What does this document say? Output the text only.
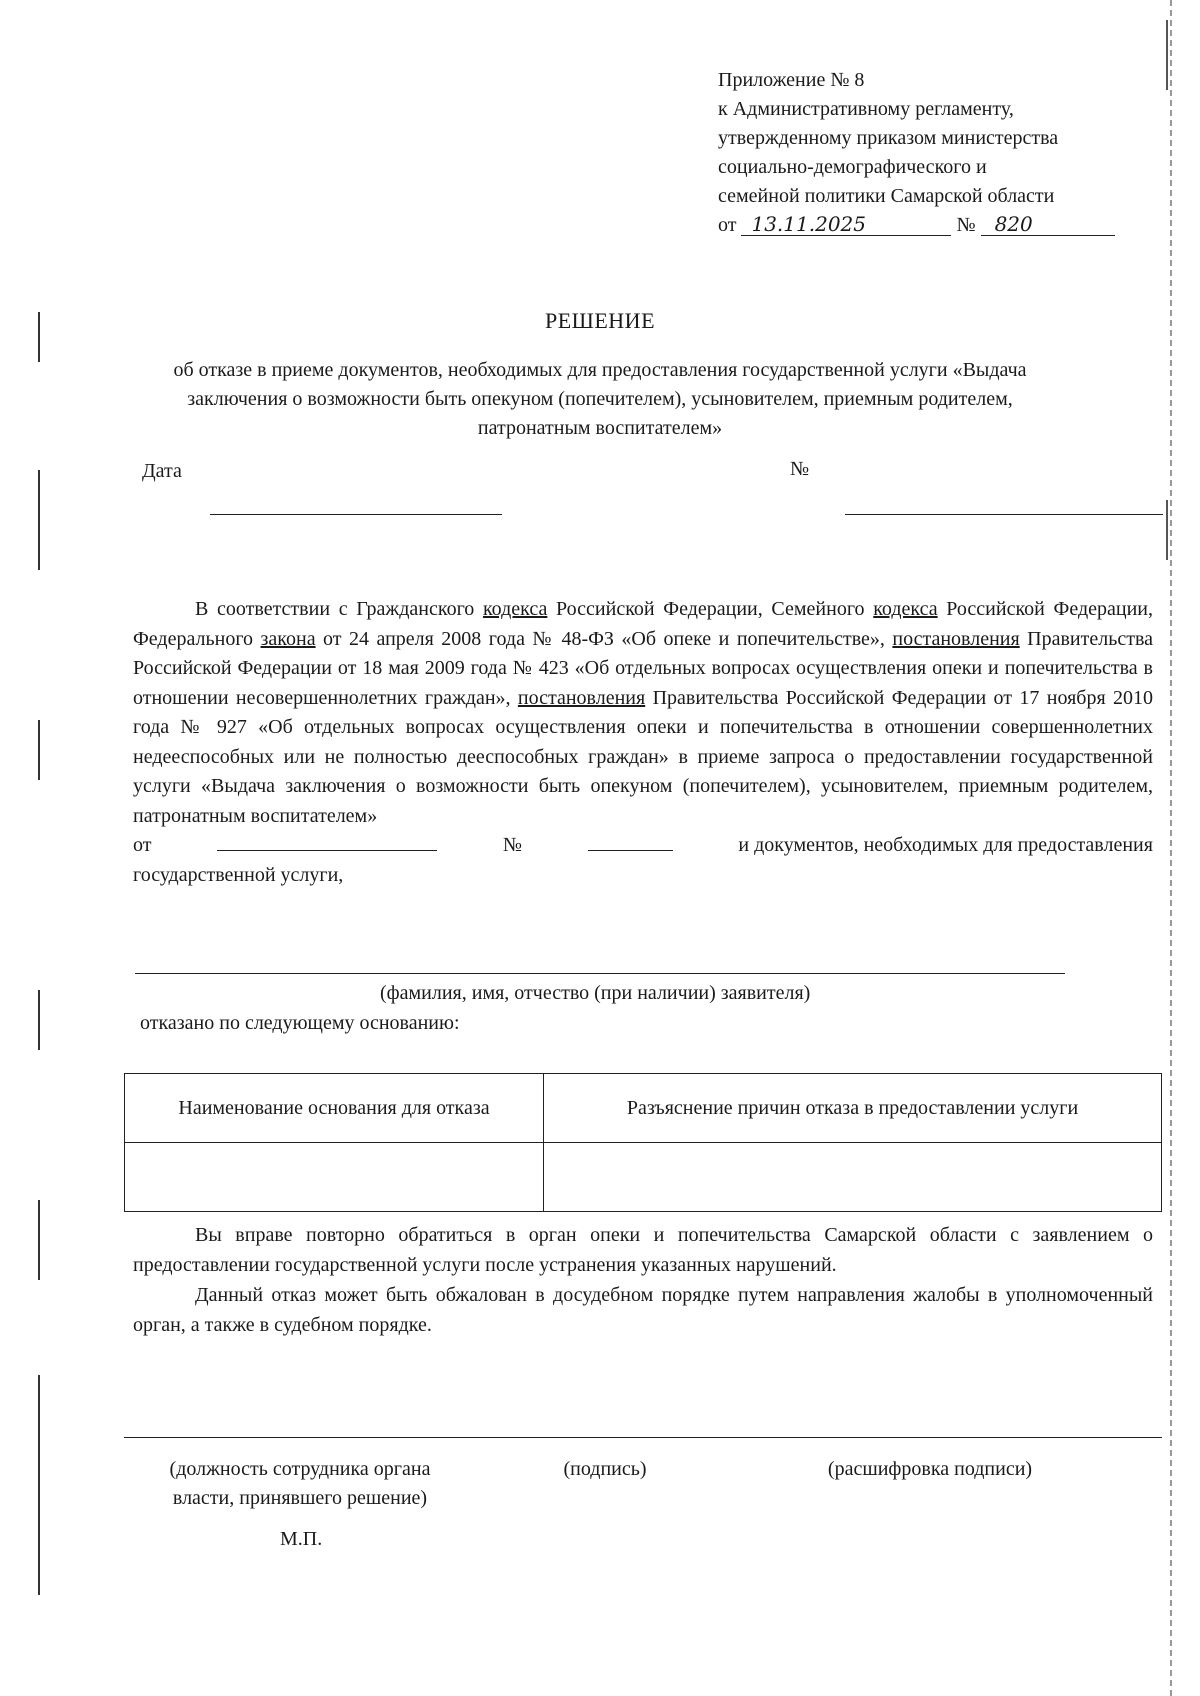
Приложение № 8
к Административному регламенту,
утвержденному приказом министерства
социально-демографического и
семейной политики Самарской области
от 13.11.2025	№ 820
РЕШЕНИЕ
об отказе в приеме документов, необходимых для предоставления государственной услуги «Выдача заключения о возможности быть опекуном (попечителем), усыновителем, приемным родителем, патронатным воспитателем»
Дата	№

В соответствии с Гражданского кодекса Российской Федерации, Семейного кодекса Российской Федерации, Федерального закона от 24 апреля 2008 года № 48-ФЗ «Об опеке и попечительстве», постановления Правительства Российской Федерации от 18 мая 2009 года № 423 «Об отдельных вопросах осуществления опеки и попечительства в отношении несовершеннолетних граждан», постановления Правительства Российской Федерации от 17 ноября 2010 года № 927 «Об отдельных вопросах осуществления опеки и попечительства в отношении совершеннолетних недееспособных или не полностью дееспособных граждан» в приеме запроса о предоставлении государственной услуги «Выдача заключения о возможности быть опекуном (попечителем), усыновителем, приемным родителем, патронатным воспитателем»

от	№	и документов, необходимых для предоставления
государственной услуги,
(фамилия, имя, отчество (при наличии) заявителя)
отказано по следующему основанию:
Наименование основания для отказа	Разъяснение причин отказа в предоставлении услуги

Вы вправе повторно обратиться в орган опеки и попечительства Самарской области с заявлением о предоставлении государственной услуги после устранения указанных нарушений.

Данный отказ может быть обжалован в досудебном порядке путем направления жалобы в уполномоченный орган, а также в судебном порядке.

(должность сотрудника органа власти, принявшего решение)
(подпись)	(расшифровка подписи)
М.П.
